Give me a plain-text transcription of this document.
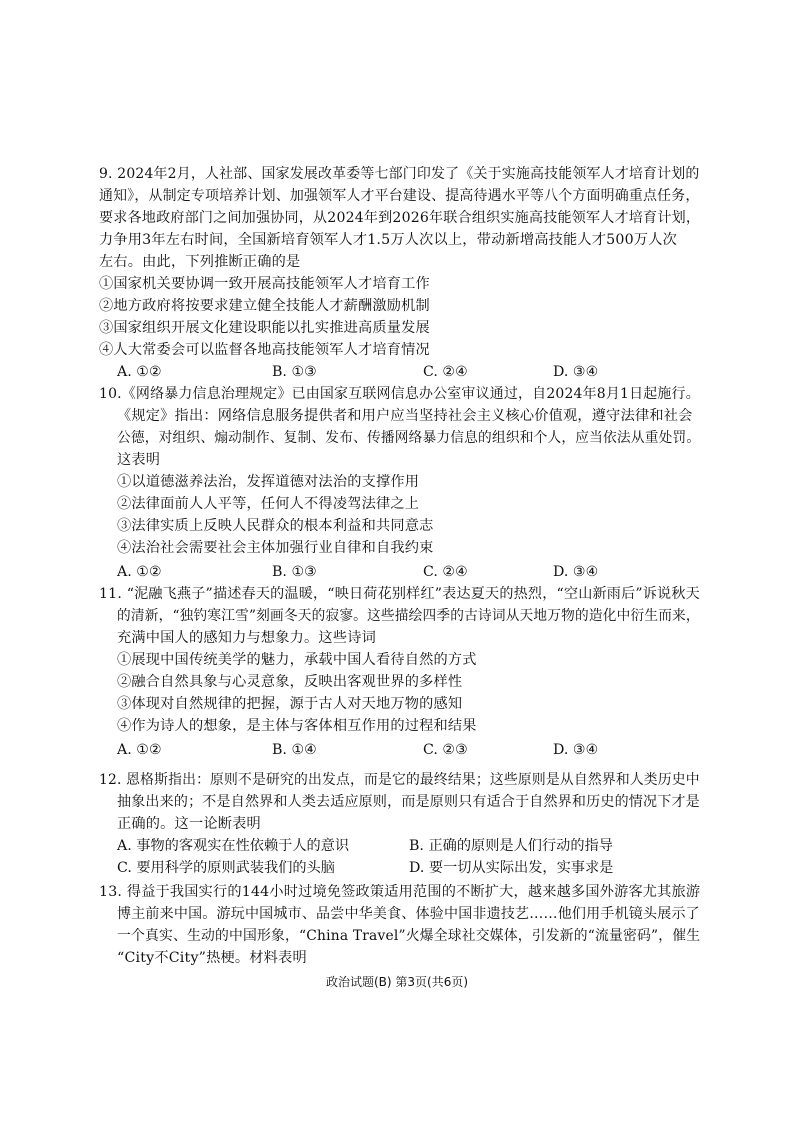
9. 2024年2月，人社部、国家发展改革委等七部门印发了《关于实施高技能领军人才培育计划的
通知》，从制定专项培养计划、加强领军人才平台建设、提高待遇水平等八个方面明确重点任务，
要求各地政府部门之间加强协同，从2024年到2026年联合组织实施高技能领军人才培育计划，
力争用3年左右时间，全国新培育领军人才1.5万人次以上，带动新增高技能人才500万人次
左右。由此，下列推断正确的是
①国家机关要协调一致开展高技能领军人才培育工作
②地方政府将按要求建立健全技能人才薪酬激励机制
③国家组织开展文化建设职能以扎实推进高质量发展
④人大常委会可以监督各地高技能领军人才培育情况
A. ①②	B. ①③	C. ②④	D. ③④
10.《网络暴力信息治理规定》已由国家互联网信息办公室审议通过，自2024年8月1日起施行。
《规定》指出：网络信息服务提供者和用户应当坚持社会主义核心价值观，遵守法律和社会
公德，对组织、煽动制作、复制、发布、传播网络暴力信息的组织和个人，应当依法从重处罚。
这表明
①以道德滋养法治，发挥道德对法治的支撑作用
②法律面前人人平等，任何人不得凌驾法律之上
③法律实质上反映人民群众的根本利益和共同意志
④法治社会需要社会主体加强行业自律和自我约束
A. ①②	B. ①③	C. ②④	D. ③④
11. “泥融飞燕子”描述春天的温暖，“映日荷花别样红”表达夏天的热烈，“空山新雨后”诉说秋天
的清新，“独钓寒江雪”刻画冬天的寂寥。这些描绘四季的古诗词从天地万物的造化中衍生而来，
充满中国人的感知力与想象力。这些诗词
①展现中国传统美学的魅力，承载中国人看待自然的方式
②融合自然具象与心灵意象，反映出客观世界的多样性
③体现对自然规律的把握，源于古人对天地万物的感知
④作为诗人的想象，是主体与客体相互作用的过程和结果
A. ①②	B. ①④	C. ②③	D. ③④
12. 恩格斯指出：原则不是研究的出发点，而是它的最终结果；这些原则是从自然界和人类历史中
抽象出来的；不是自然界和人类去适应原则，而是原则只有适合于自然界和历史的情况下才是
正确的。这一论断表明
A. 事物的客观实在性依赖于人的意识	B. 正确的原则是人们行动的指导
C. 要用科学的原则武装我们的头脑	D. 要一切从实际出发，实事求是
13. 得益于我国实行的144小时过境免签政策适用范围的不断扩大，越来越多国外游客尤其旅游
博主前来中国。游玩中国城市、品尝中华美食、体验中国非遗技艺……他们用手机镜头展示了
一个真实、生动的中国形象，“China Travel”火爆全球社交媒体，引发新的“流量密码”，催生
“City不City”热梗。材料表明
政治试题(B) 第3页(共6页)
